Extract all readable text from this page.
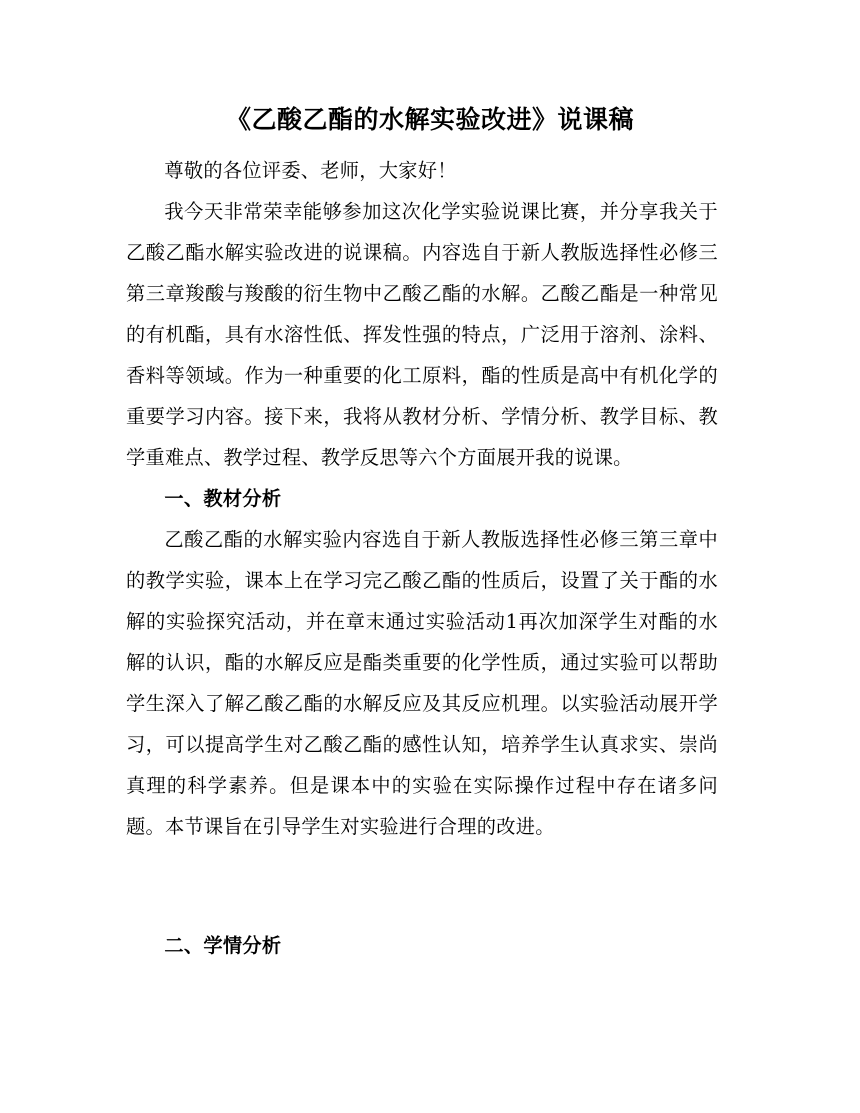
《乙酸乙酯的水解实验改进》说课稿

尊敬的各位评委、老师，大家好！

我今天非常荣幸能够参加这次化学实验说课比赛，并分享我关于乙酸乙酯水解实验改进的说课稿。内容选自于新人教版选择性必修三第三章羧酸与羧酸的衍生物中乙酸乙酯的水解。乙酸乙酯是一种常见的有机酯，具有水溶性低、挥发性强的特点，广泛用于溶剂、涂料、香料等领域。作为一种重要的化工原料，酯的性质是高中有机化学的重要学习内容。接下来，我将从教材分析、学情分析、教学目标、教学重难点、教学过程、教学反思等六个方面展开我的说课。

一、教材分析

乙酸乙酯的水解实验内容选自于新人教版选择性必修三第三章中的教学实验，课本上在学习完乙酸乙酯的性质后，设置了关于酯的水解的实验探究活动，并在章末通过实验活动1再次加深学生对酯的水解的认识，酯的水解反应是酯类重要的化学性质，通过实验可以帮助学生深入了解乙酸乙酯的水解反应及其反应机理。以实验活动展开学习，可以提高学生对乙酸乙酯的感性认知，培养学生认真求实、崇尚真理的科学素养。但是课本中的实验在实际操作过程中存在诸多问题。本节课旨在引导学生对实验进行合理的改进。

二、学情分析
